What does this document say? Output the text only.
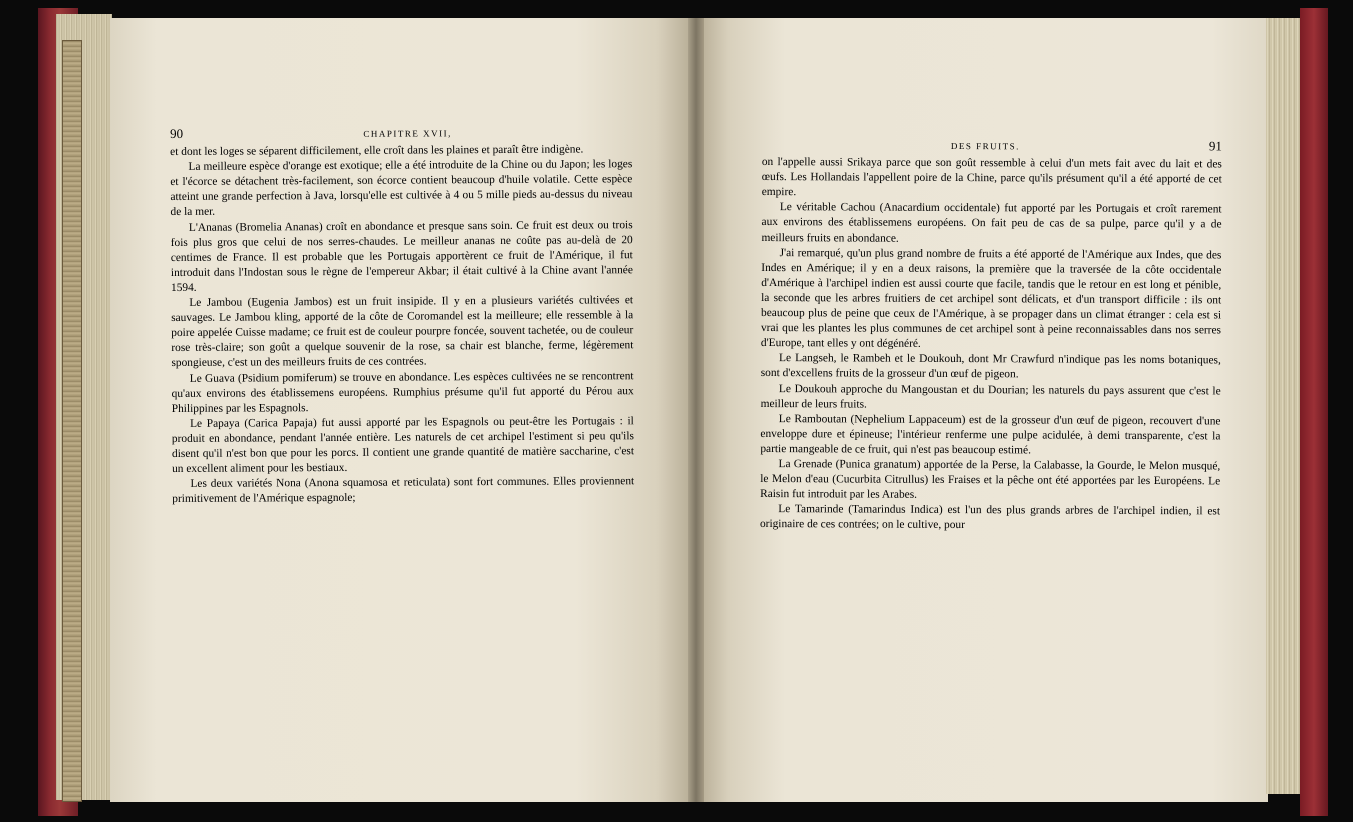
90	CHAPITRE XVII,

et dont les loges se séparent difficilement, elle croît dans les plaines et paraît être indigène.

La meilleure espèce d'orange est exotique; elle a été introduite de la Chine ou du Japon; les loges et l'écorce se détachent très-facilement, son écorce contient beaucoup d'huile volatile. Cette espèce atteint une grande perfection à Java, lorsqu'elle est cultivée à 4 ou 5 mille pieds au-dessus du niveau de la mer.

L'Ananas (Bromelia Ananas) croît en abondance et presque sans soin. Ce fruit est deux ou trois fois plus gros que celui de nos serres-chaudes. Le meilleur ananas ne coûte pas au-delà de 20 centimes de France. Il est probable que les Portugais apportèrent ce fruit de l'Amérique, il fut introduit dans l'Indostan sous le règne de l'empereur Akbar; il était cultivé à la Chine avant l'année 1594.

Le Jambou (Eugenia Jambos) est un fruit insipide. Il y en a plusieurs variétés cultivées et sauvages. Le Jambou kling, apporté de la côte de Coromandel est la meilleure; elle ressemble à la poire appelée Cuisse madame; ce fruit est de couleur pourpre foncée, souvent tachetée, ou de couleur rose très-claire; son goût a quelque souvenir de la rose, sa chair est blanche, ferme, légèrement spongieuse, c'est un des meilleurs fruits de ces contrées.

Le Guava (Psidium pomiferum) se trouve en abondance. Les espèces cultivées ne se rencontrent qu'aux environs des établissemens européens. Rumphius présume qu'il fut apporté du Pérou aux Philippines par les Espagnols.

Le Papaya (Carica Papaja) fut aussi apporté par les Espagnols ou peut-être les Portugais : il produit en abondance, pendant l'année entière. Les naturels de cet archipel l'estiment si peu qu'ils disent qu'il n'est bon que pour les porcs. Il contient une grande quantité de matière saccharine, c'est un excellent aliment pour les bestiaux.

Les deux variétés Nona (Anona squamosa et reticulata) sont fort communes. Elles proviennent primitivement de l'Amérique espagnole;

DES FRUITS.	91

on l'appelle aussi Srikaya parce que son goût ressemble à celui d'un mets fait avec du lait et des œufs. Les Hollandais l'appellent poire de la Chine, parce qu'ils présument qu'il a été apporté de cet empire.

Le véritable Cachou (Anacardium occidentale) fut apporté par les Portugais et croît rarement aux environs des établissemens européens. On fait peu de cas de sa pulpe, parce qu'il y a de meilleurs fruits en abondance.

J'ai remarqué, qu'un plus grand nombre de fruits a été apporté de l'Amérique aux Indes, que des Indes en Amérique; il y en a deux raisons, la première que la traversée de la côte occidentale d'Amérique à l'archipel indien est aussi courte que facile, tandis que le retour en est long et pénible, la seconde que les arbres fruitiers de cet archipel sont délicats, et d'un transport difficile : ils ont beaucoup plus de peine que ceux de l'Amérique, à se propager dans un climat étranger : cela est si vrai que les plantes les plus communes de cet archipel sont à peine reconnaissables dans nos serres d'Europe, tant elles y ont dégénéré.

Le Langseh, le Rambeh et le Doukouh, dont Mr Crawfurd n'indique pas les noms botaniques, sont d'excellens fruits de la grosseur d'un œuf de pigeon.

Le Doukouh approche du Mangoustan et du Dourian; les naturels du pays assurent que c'est le meilleur de leurs fruits.

Le Ramboutan (Nephelium Lappaceum) est de la grosseur d'un œuf de pigeon, recouvert d'une enveloppe dure et épineuse; l'intérieur renferme une pulpe acidulée, à demi transparente, c'est la partie mangeable de ce fruit, qui n'est pas beaucoup estimé.

La Grenade (Punica granatum) apportée de la Perse, la Calabasse, la Gourde, le Melon musqué, le Melon d'eau (Cucurbita Citrullus) les Fraises et la pêche ont été apportées par les Européens. Le Raisin fut introduit par les Arabes.

Le Tamarinde (Tamarindus Indica) est l'un des plus grands arbres de l'archipel indien, il est originaire de ces contrées; on le cultive, pour
